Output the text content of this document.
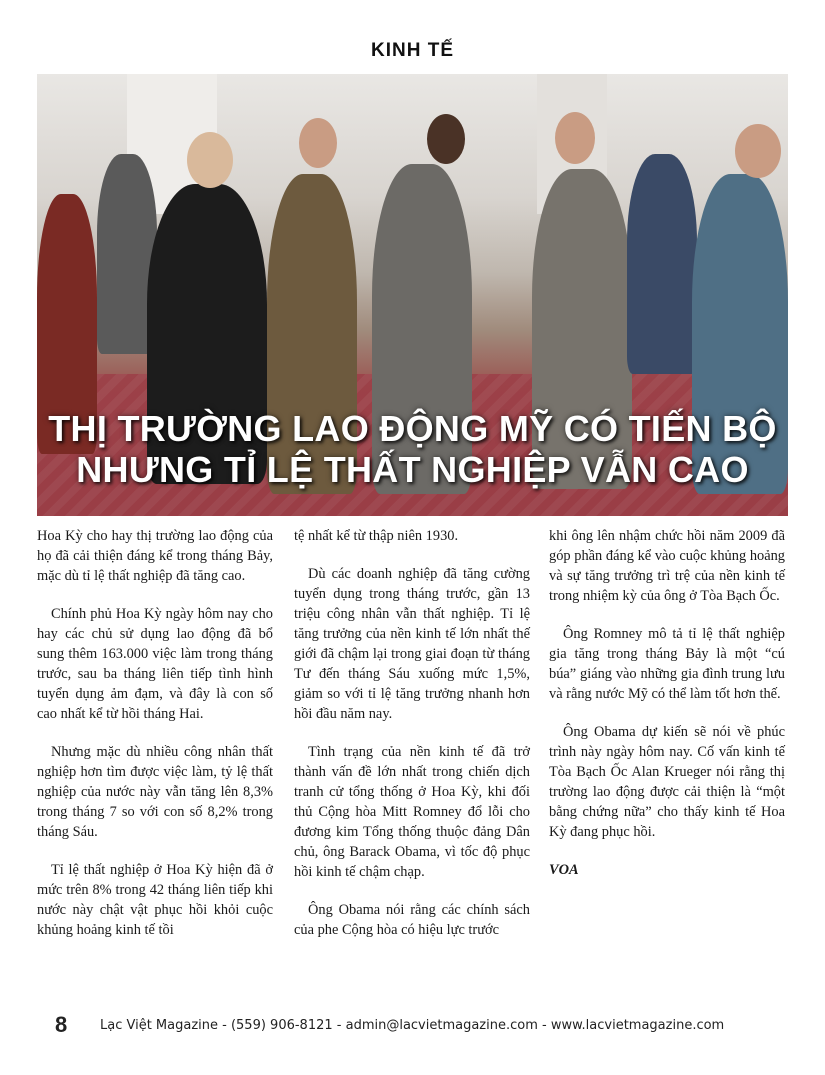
KINH TẾ
THỊ TRƯỜNG LAO ĐỘNG MỸ CÓ TIẾN BỘ
NHƯNG TỈ LỆ THẤT NGHIỆP VẪN CAO

Hoa Kỳ cho hay thị trường lao động của họ đã cải thiện đáng kể trong tháng Bảy, mặc dù tỉ lệ thất nghiệp đã tăng cao.

Chính phủ Hoa Kỳ ngày hôm nay cho hay các chủ sử dụng lao động đã bổ sung thêm 163.000 việc làm trong tháng trước, sau ba tháng liên tiếp tình hình tuyển dụng ảm đạm, và đây là con số cao nhất kể từ hồi tháng Hai.

Nhưng mặc dù nhiều công nhân thất nghiệp hơn tìm được việc làm, tỷ lệ thất nghiệp của nước này vẫn tăng lên 8,3% trong tháng 7 so với con số 8,2% trong tháng Sáu.

Tỉ lệ thất nghiệp ở Hoa Kỳ hiện đã ở mức trên 8% trong 42 tháng liên tiếp khi nước này chật vật phục hồi khỏi cuộc khủng hoảng kinh tế tồi

tệ nhất kể từ thập niên 1930.

Dù các doanh nghiệp đã tăng cường tuyển dụng trong tháng trước, gần 13 triệu công nhân vẫn thất nghiệp. Tỉ lệ tăng trưởng của nền kinh tế lớn nhất thế giới đã chậm lại trong giai đoạn từ tháng Tư đến tháng Sáu xuống mức 1,5%, giảm so với tỉ lệ tăng trưởng nhanh hơn hồi đầu năm nay.

Tình trạng của nền kinh tế đã trở thành vấn đề lớn nhất trong chiến dịch tranh cử tổng thống ở Hoa Kỳ, khi đối thủ Cộng hòa Mitt Romney đổ lỗi cho đương kim Tổng thống thuộc đảng Dân chủ, ông Barack Obama, vì tốc độ phục hồi kinh tế chậm chạp.

Ông Obama nói rằng các chính sách của phe Cộng hòa có hiệu lực trước

khi ông lên nhậm chức hồi năm 2009 đã góp phần đáng kể vào cuộc khủng hoảng và sự tăng trưởng trì trệ của nền kinh tế trong nhiệm kỳ của ông ở Tòa Bạch Ốc.

Ông Romney mô tả tỉ lệ thất nghiệp gia tăng trong tháng Bảy là một “cú búa” giáng vào những gia đình trung lưu và rằng nước Mỹ có thể làm tốt hơn thế.

Ông Obama dự kiến sẽ nói về phúc trình này ngày hôm nay. Cố vấn kinh tế Tòa Bạch Ốc Alan Krueger nói rằng thị trường lao động được cải thiện là “một bằng chứng nữa” cho thấy kinh tế Hoa Kỳ đang phục hồi.

VOA

8	Lạc Việt Magazine - (559) 906-8121 - admin@lacvietmagazine.com - www.lacvietmagazine.com
